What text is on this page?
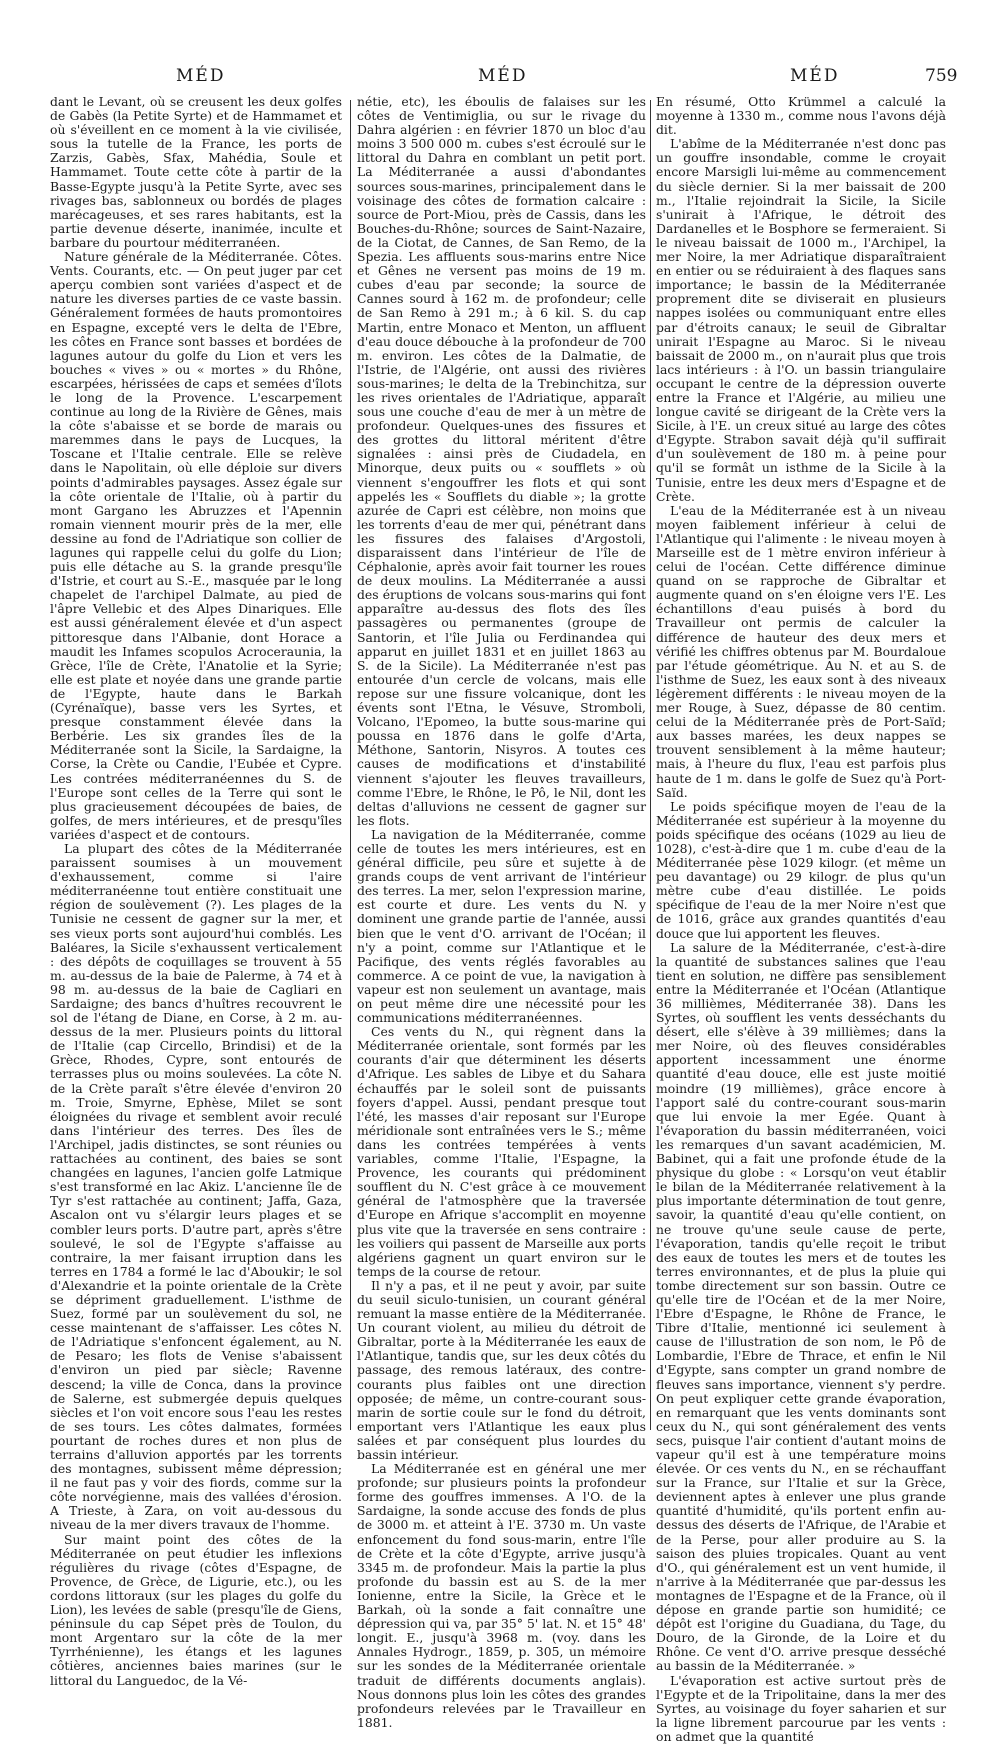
MÉD	MÉD	MÉD	759

dant le Levant, où se creusent les deux golfes de Gabès (la Petite Syrte) et de Hammamet et où s'éveillent en ce moment à la vie civilisée, sous la tutelle de la France, les ports de Zarzis, Gabès, Sfax, Mahédia, Soule et Hammamet. Toute cette côte à partir de la Basse-Egypte jusqu'à la Petite Syrte, avec ses rivages bas, sablonneux ou bordés de plages marécageuses, et ses rares habitants, est la partie devenue déserte, inanimée, inculte et barbare du pourtour méditerranéen.

Nature générale de la Méditerranée. Côtes. Vents. Courants, etc. — On peut juger par cet aperçu combien sont variées d'aspect et de nature les diverses parties de ce vaste bassin. Généralement formées de hauts promontoires en Espagne, excepté vers le delta de l'Ebre, les côtes en France sont basses et bordées de lagunes autour du golfe du Lion et vers les bouches « vives » ou « mortes » du Rhône, escarpées, hérissées de caps et semées d'îlots le long de la Provence. L'escarpement continue au long de la Rivière de Gênes, mais la côte s'abaisse et se borde de marais ou maremmes dans le pays de Lucques, la Toscane et l'Italie centrale. Elle se relève dans le Napolitain, où elle déploie sur divers points d'admirables paysages. Assez égale sur la côte orientale de l'Italie, où à partir du mont Gargano les Abruzzes et l'Apennin romain viennent mourir près de la mer, elle dessine au fond de l'Adriatique son collier de lagunes qui rappelle celui du golfe du Lion; puis elle détache au S. la grande presqu'île d'Istrie, et court au S.-E., masquée par le long chapelet de l'archipel Dalmate, au pied de l'âpre Vellebic et des Alpes Dinariques. Elle est aussi généralement élevée et d'un aspect pittoresque dans l'Albanie, dont Horace a maudit les Infames scopulos Acroceraunia, la Grèce, l'île de Crète, l'Anatolie et la Syrie; elle est plate et noyée dans une grande partie de l'Egypte, haute dans le Barkah (Cyrénaïque), basse vers les Syrtes, et presque constamment élevée dans la Berbérie. Les six grandes îles de la Méditerranée sont la Sicile, la Sardaigne, la Corse, la Crète ou Candie, l'Eubée et Cypre. Les contrées méditerranéennes du S. de l'Europe sont celles de la Terre qui sont le plus gracieusement découpées de baies, de golfes, de mers intérieures, et de presqu'îles variées d'aspect et de contours.

La plupart des côtes de la Méditerranée paraissent soumises à un mouvement d'exhaussement, comme si l'aire méditerranéenne tout entière constituait une région de soulèvement (?). Les plages de la Tunisie ne cessent de gagner sur la mer, et ses vieux ports sont aujourd'hui comblés. Les Baléares, la Sicile s'exhaussent verticalement : des dépôts de coquillages se trouvent à 55 m. au-dessus de la baie de Palerme, à 74 et à 98 m. au-dessus de la baie de Cagliari en Sardaigne; des bancs d'huîtres recouvrent le sol de l'étang de Diane, en Corse, à 2 m. au-dessus de la mer. Plusieurs points du littoral de l'Italie (cap Circello, Brindisi) et de la Grèce, Rhodes, Cypre, sont entourés de terrasses plus ou moins soulevées. La côte N. de la Crète paraît s'être élevée d'environ 20 m. Troie, Smyrne, Ephèse, Milet se sont éloignées du rivage et semblent avoir reculé dans l'intérieur des terres. Des îles de l'Archipel, jadis distinctes, se sont réunies ou rattachées au continent, des baies se sont changées en lagunes, l'ancien golfe Latmique s'est transformé en lac Akiz. L'ancienne île de Tyr s'est rattachée au continent; Jaffa, Gaza, Ascalon ont vu s'élargir leurs plages et se combler leurs ports. D'autre part, après s'être soulevé, le sol de l'Egypte s'affaisse au contraire, la mer faisant irruption dans les terres en 1784 a formé le lac d'Aboukir; le sol d'Alexandrie et la pointe orientale de la Crète se dépriment graduellement. L'isthme de Suez, formé par un soulèvement du sol, ne cesse maintenant de s'affaisser. Les côtes N. de l'Adriatique s'enfoncent également, au N. de Pesaro; les flots de Venise s'abaissent d'environ un pied par siècle; Ravenne descend; la ville de Conca, dans la province de Salerne, est submergée depuis quelques siècles et l'on voit encore sous l'eau les restes de ses tours. Les côtes dalmates, formées pourtant de roches dures et non plus de terrains d'alluvion apportés par les torrents des montagnes, subissent même dépression; il ne faut pas y voir des fiords, comme sur la côte norvégienne, mais des vallées d'érosion. A Trieste, à Zara, on voit au-dessous du niveau de la mer divers travaux de l'homme.

Sur maint point des côtes de la Méditerranée on peut étudier les inflexions régulières du rivage (côtes d'Espagne, de Provence, de Grèce, de Ligurie, etc.), ou les cordons littoraux (sur les plages du golfe du Lion), les levées de sable (presqu'île de Giens, péninsule du cap Sépet près de Toulon, du mont Argentaro sur la côte de la mer Tyrrhénienne), les étangs et les lagunes côtières, anciennes baies marines (sur le littoral du Languedoc, de la Vé-

nétie, etc), les éboulis de falaises sur les côtes de Ventimiglia, ou sur le rivage du Dahra algérien : en février 1870 un bloc d'au moins 3 500 000 m. cubes s'est écroulé sur le littoral du Dahra en comblant un petit port. La Méditerranée a aussi d'abondantes sources sous-marines, principalement dans le voisinage des côtes de formation calcaire : source de Port-Miou, près de Cassis, dans les Bouches-du-Rhône; sources de Saint-Nazaire, de la Ciotat, de Cannes, de San Remo, de la Spezia. Les affluents sous-marins entre Nice et Gênes ne versent pas moins de 19 m. cubes d'eau par seconde; la source de Cannes sourd à 162 m. de profondeur; celle de San Remo à 291 m.; à 6 kil. S. du cap Martin, entre Monaco et Menton, un affluent d'eau douce débouche à la profondeur de 700 m. environ. Les côtes de la Dalmatie, de l'Istrie, de l'Algérie, ont aussi des rivières sous-marines; le delta de la Trebinchitza, sur les rives orientales de l'Adriatique, apparaît sous une couche d'eau de mer à un mètre de profondeur. Quelques-unes des fissures et des grottes du littoral méritent d'être signalées : ainsi près de Ciudadela, en Minorque, deux puits ou « soufflets » où viennent s'engouffrer les flots et qui sont appelés les « Soufflets du diable »; la grotte azurée de Capri est célèbre, non moins que les torrents d'eau de mer qui, pénétrant dans les fissures des falaises d'Argostoli, disparaissent dans l'intérieur de l'île de Céphalonie, après avoir fait tourner les roues de deux moulins. La Méditerranée a aussi des éruptions de volcans sous-marins qui font apparaître au-dessus des flots des îles passagères ou permanentes (groupe de Santorin, et l'île Julia ou Ferdinandea qui apparut en juillet 1831 et en juillet 1863 au S. de la Sicile). La Méditerranée n'est pas entourée d'un cercle de volcans, mais elle repose sur une fissure volcanique, dont les évents sont l'Etna, le Vésuve, Stromboli, Volcano, l'Epomeo, la butte sous-marine qui poussa en 1876 dans le golfe d'Arta, Méthone, Santorin, Nisyros. A toutes ces causes de modifications et d'instabilité viennent s'ajouter les fleuves travailleurs, comme l'Ebre, le Rhône, le Pô, le Nil, dont les deltas d'alluvions ne cessent de gagner sur les flots.

La navigation de la Méditerranée, comme celle de toutes les mers intérieures, est en général difficile, peu sûre et sujette à de grands coups de vent arrivant de l'intérieur des terres. La mer, selon l'expression marine, est courte et dure. Les vents du N. y dominent une grande partie de l'année, aussi bien que le vent d'O. arrivant de l'Océan; il n'y a point, comme sur l'Atlantique et le Pacifique, des vents réglés favorables au commerce. A ce point de vue, la navigation à vapeur est non seulement un avantage, mais on peut même dire une nécessité pour les communications méditerranéennes.

Ces vents du N., qui règnent dans la Méditerranée orientale, sont formés par les courants d'air que déterminent les déserts d'Afrique. Les sables de Libye et du Sahara échauffés par le soleil sont de puissants foyers d'appel. Aussi, pendant presque tout l'été, les masses d'air reposant sur l'Europe méridionale sont entraînées vers le S.; même dans les contrées tempérées à vents variables, comme l'Italie, l'Espagne, la Provence, les courants qui prédominent soufflent du N. C'est grâce à ce mouvement général de l'atmosphère que la traversée d'Europe en Afrique s'accomplit en moyenne plus vite que la traversée en sens contraire : les voiliers qui passent de Marseille aux ports algériens gagnent un quart environ sur le temps de la course de retour.

Il n'y a pas, et il ne peut y avoir, par suite du seuil siculo-tunisien, un courant général remuant la masse entière de la Méditerranée. Un courant violent, au milieu du détroit de Gibraltar, porte à la Méditerranée les eaux de l'Atlantique, tandis que, sur les deux côtés du passage, des remous latéraux, des contre-courants plus faibles ont une direction opposée; de même, un contre-courant sous-marin de sortie coule sur le fond du détroit, emportant vers l'Atlantique les eaux plus salées et par conséquent plus lourdes du bassin intérieur.

La Méditerranée est en général une mer profonde; sur plusieurs points la profondeur forme des gouffres immenses. A l'O. de la Sardaigne, la sonde accuse des fonds de plus de 3000 m. et atteint à l'E. 3730 m. Un vaste enfoncement du fond sous-marin, entre l'île de Crète et la côte d'Egypte, arrive jusqu'à 3345 m. de profondeur. Mais la partie la plus profonde du bassin est au S. de la mer Ionienne, entre la Sicile, la Grèce et le Barkah, où la sonde a fait connaître une dépression qui va, par 35° 5' lat. N. et 15° 48' longit. E., jusqu'à 3968 m. (voy. dans les Annales Hydrogr., 1859, p. 305, un mémoire sur les sondes de la Méditerranée orientale traduit de différents documents anglais). Nous donnons plus loin les côtes des grandes profondeurs relevées par le Travailleur en 1881.

En résumé, Otto Krümmel a calculé la moyenne à 1330 m., comme nous l'avons déjà dit.

L'abîme de la Méditerranée n'est donc pas un gouffre insondable, comme le croyait encore Marsigli lui-même au commencement du siècle dernier. Si la mer baissait de 200 m., l'Italie rejoindrait la Sicile, la Sicile s'unirait à l'Afrique, le détroit des Dardanelles et le Bosphore se fermeraient. Si le niveau baissait de 1000 m., l'Archipel, la mer Noire, la mer Adriatique disparaîtraient en entier ou se réduiraient à des flaques sans importance; le bassin de la Méditerranée proprement dite se diviserait en plusieurs nappes isolées ou communiquant entre elles par d'étroits canaux; le seuil de Gibraltar unirait l'Espagne au Maroc. Si le niveau baissait de 2000 m., on n'aurait plus que trois lacs intérieurs : à l'O. un bassin triangulaire occupant le centre de la dépression ouverte entre la France et l'Algérie, au milieu une longue cavité se dirigeant de la Crète vers la Sicile, à l'E. un creux situé au large des côtes d'Egypte. Strabon savait déjà qu'il suffirait d'un soulèvement de 180 m. à peine pour qu'il se formât un isthme de la Sicile à la Tunisie, entre les deux mers d'Espagne et de Crète.

L'eau de la Méditerranée est à un niveau moyen faiblement inférieur à celui de l'Atlantique qui l'alimente : le niveau moyen à Marseille est de 1 mètre environ inférieur à celui de l'océan. Cette différence diminue quand on se rapproche de Gibraltar et augmente quand on s'en éloigne vers l'E. Les échantillons d'eau puisés à bord du Travailleur ont permis de calculer la différence de hauteur des deux mers et vérifié les chiffres obtenus par M. Bourdaloue par l'étude géométrique. Au N. et au S. de l'isthme de Suez, les eaux sont à des niveaux légèrement différents : le niveau moyen de la mer Rouge, à Suez, dépasse de 80 centim. celui de la Méditerranée près de Port-Saïd; aux basses marées, les deux nappes se trouvent sensiblement à la même hauteur; mais, à l'heure du flux, l'eau est parfois plus haute de 1 m. dans le golfe de Suez qu'à Port-Saïd.

Le poids spécifique moyen de l'eau de la Méditerranée est supérieur à la moyenne du poids spécifique des océans (1029 au lieu de 1028), c'est-à-dire que 1 m. cube d'eau de la Méditerranée pèse 1029 kilogr. (et même un peu davantage) ou 29 kilogr. de plus qu'un mètre cube d'eau distillée. Le poids spécifique de l'eau de la mer Noire n'est que de 1016, grâce aux grandes quantités d'eau douce que lui apportent les fleuves.

La salure de la Méditerranée, c'est-à-dire la quantité de substances salines que l'eau tient en solution, ne diffère pas sensiblement entre la Méditerranée et l'Océan (Atlantique 36 millièmes, Méditerranée 38). Dans les Syrtes, où soufflent les vents desséchants du désert, elle s'élève à 39 millièmes; dans la mer Noire, où des fleuves considérables apportent incessamment une énorme quantité d'eau douce, elle est juste moitié moindre (19 millièmes), grâce encore à l'apport salé du contre-courant sous-marin que lui envoie la mer Egée. Quant à l'évaporation du bassin méditerranéen, voici les remarques d'un savant académicien, M. Babinet, qui a fait une profonde étude de la physique du globe : « Lorsqu'on veut établir le bilan de la Méditerranée relativement à la plus importante détermination de tout genre, savoir, la quantité d'eau qu'elle contient, on ne trouve qu'une seule cause de perte, l'évaporation, tandis qu'elle reçoit le tribut des eaux de toutes les mers et de toutes les terres environnantes, et de plus la pluie qui tombe directement sur son bassin. Outre ce qu'elle tire de l'Océan et de la mer Noire, l'Ebre d'Espagne, le Rhône de France, le Tibre d'Italie, mentionné ici seulement à cause de l'illustration de son nom, le Pô de Lombardie, l'Ebre de Thrace, et enfin le Nil d'Egypte, sans compter un grand nombre de fleuves sans importance, viennent s'y perdre. On peut expliquer cette grande évaporation, en remarquant que les vents dominants sont ceux du N., qui sont généralement des vents secs, puisque l'air contient d'autant moins de vapeur qu'il est à une température moins élevée. Or ces vents du N., en se réchauffant sur la France, sur l'Italie et sur la Grèce, deviennent aptes à enlever une plus grande quantité d'humidité, qu'ils portent enfin au-dessus des déserts de l'Afrique, de l'Arabie et de la Perse, pour aller produire au S. la saison des pluies tropicales. Quant au vent d'O., qui généralement est un vent humide, il n'arrive à la Méditerranée que par-dessus les montagnes de l'Espagne et de la France, où il dépose en grande partie son humidité; ce dépôt est l'origine du Guadiana, du Tage, du Douro, de la Gironde, de la Loire et du Rhône. Ce vent d'O. arrive presque desséché au bassin de la Méditerranée. »

L'évaporation est active surtout près de l'Egypte et de la Tripolitaine, dans la mer des Syrtes, au voisinage du foyer saharien et sur la ligne librement parcourue par les vents : on admet que la quantité
